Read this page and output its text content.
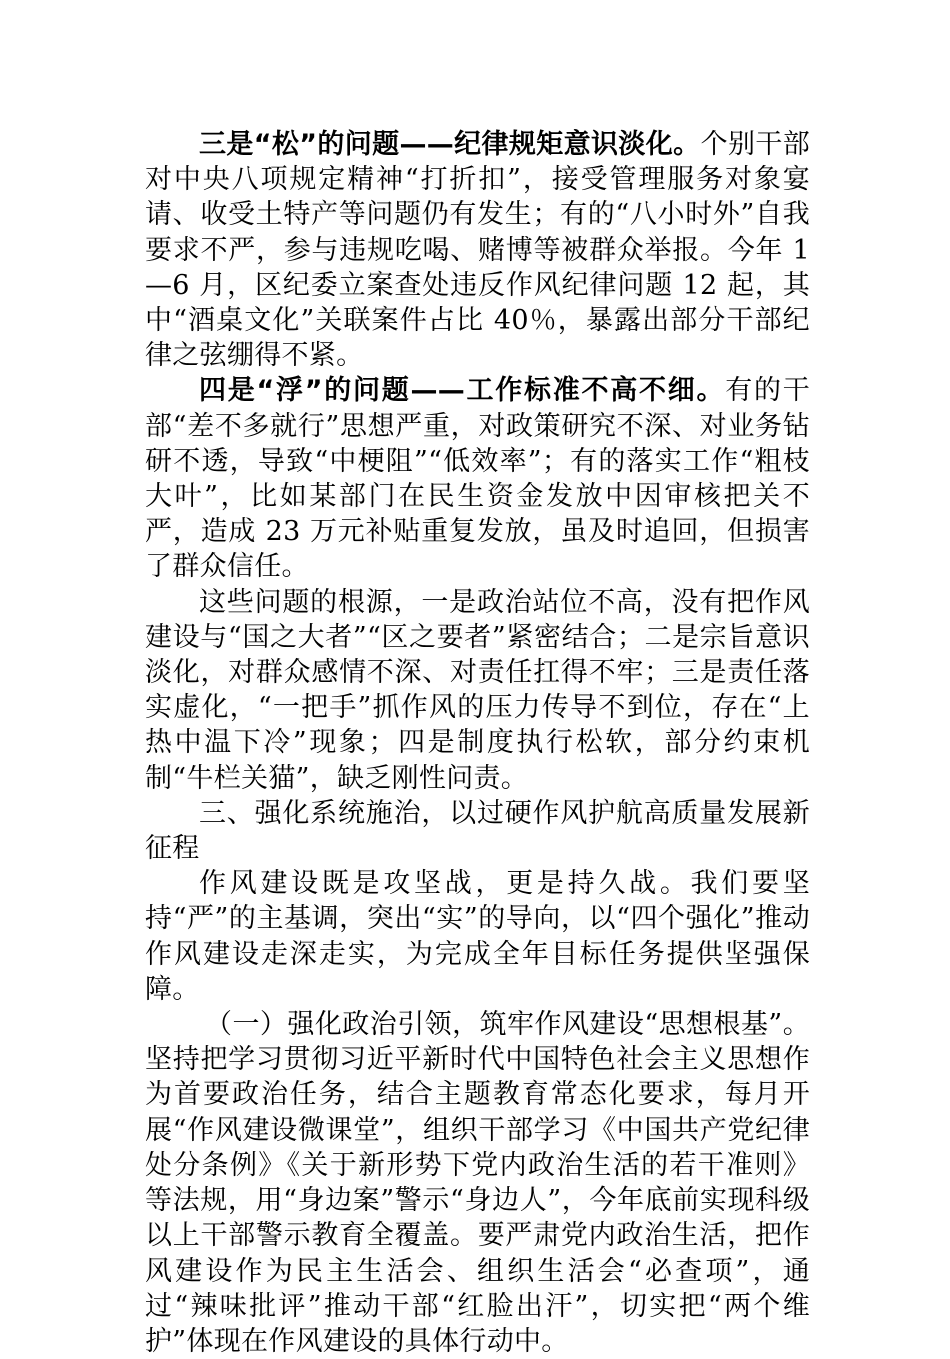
三是“松”的问题——纪律规矩意识淡化。个别干部对中央八项规定精神“打折扣”，接受管理服务对象宴请、收受土特产等问题仍有发生；有的“八小时外”自我要求不严，参与违规吃喝、赌博等被群众举报。今年 1—6 月，区纪委立案查处违反作风纪律问题 12 起，其中“酒桌文化”关联案件占比 40％，暴露出部分干部纪律之弦绷得不紧。

四是“浮”的问题——工作标准不高不细。有的干部“差不多就行”思想严重，对政策研究不深、对业务钻研不透，导致“中梗阻”“低效率”；有的落实工作“粗枝大叶”，比如某部门在民生资金发放中因审核把关不严，造成 23 万元补贴重复发放，虽及时追回，但损害了群众信任。

这些问题的根源，一是政治站位不高，没有把作风建设与“国之大者”“区之要者”紧密结合；二是宗旨意识淡化，对群众感情不深、对责任扛得不牢；三是责任落实虚化，“一把手”抓作风的压力传导不到位，存在“上热中温下冷”现象；四是制度执行松软，部分约束机制“牛栏关猫”，缺乏刚性问责。

三、强化系统施治，以过硬作风护航高质量发展新征程

作风建设既是攻坚战，更是持久战。我们要坚持“严”的主基调，突出“实”的导向，以“四个强化”推动作风建设走深走实，为完成全年目标任务提供坚强保障。

（一）强化政治引领，筑牢作风建设“思想根基”。坚持把学习贯彻习近平新时代中国特色社会主义思想作为首要政治任务，结合主题教育常态化要求，每月开展“作风建设微课堂”，组织干部学习《中国共产党纪律处分条例》《关于新形势下党内政治生活的若干准则》等法规，用“身边案”警示“身边人”，今年底前实现科级以上干部警示教育全覆盖。要严肃党内政治生活，把作风建设作为民主生活会、组织生活会“必查项”，通过“辣味批评”推动干部“红脸出汗”，切实把“两个维护”体现在作风建设的具体行动中。
